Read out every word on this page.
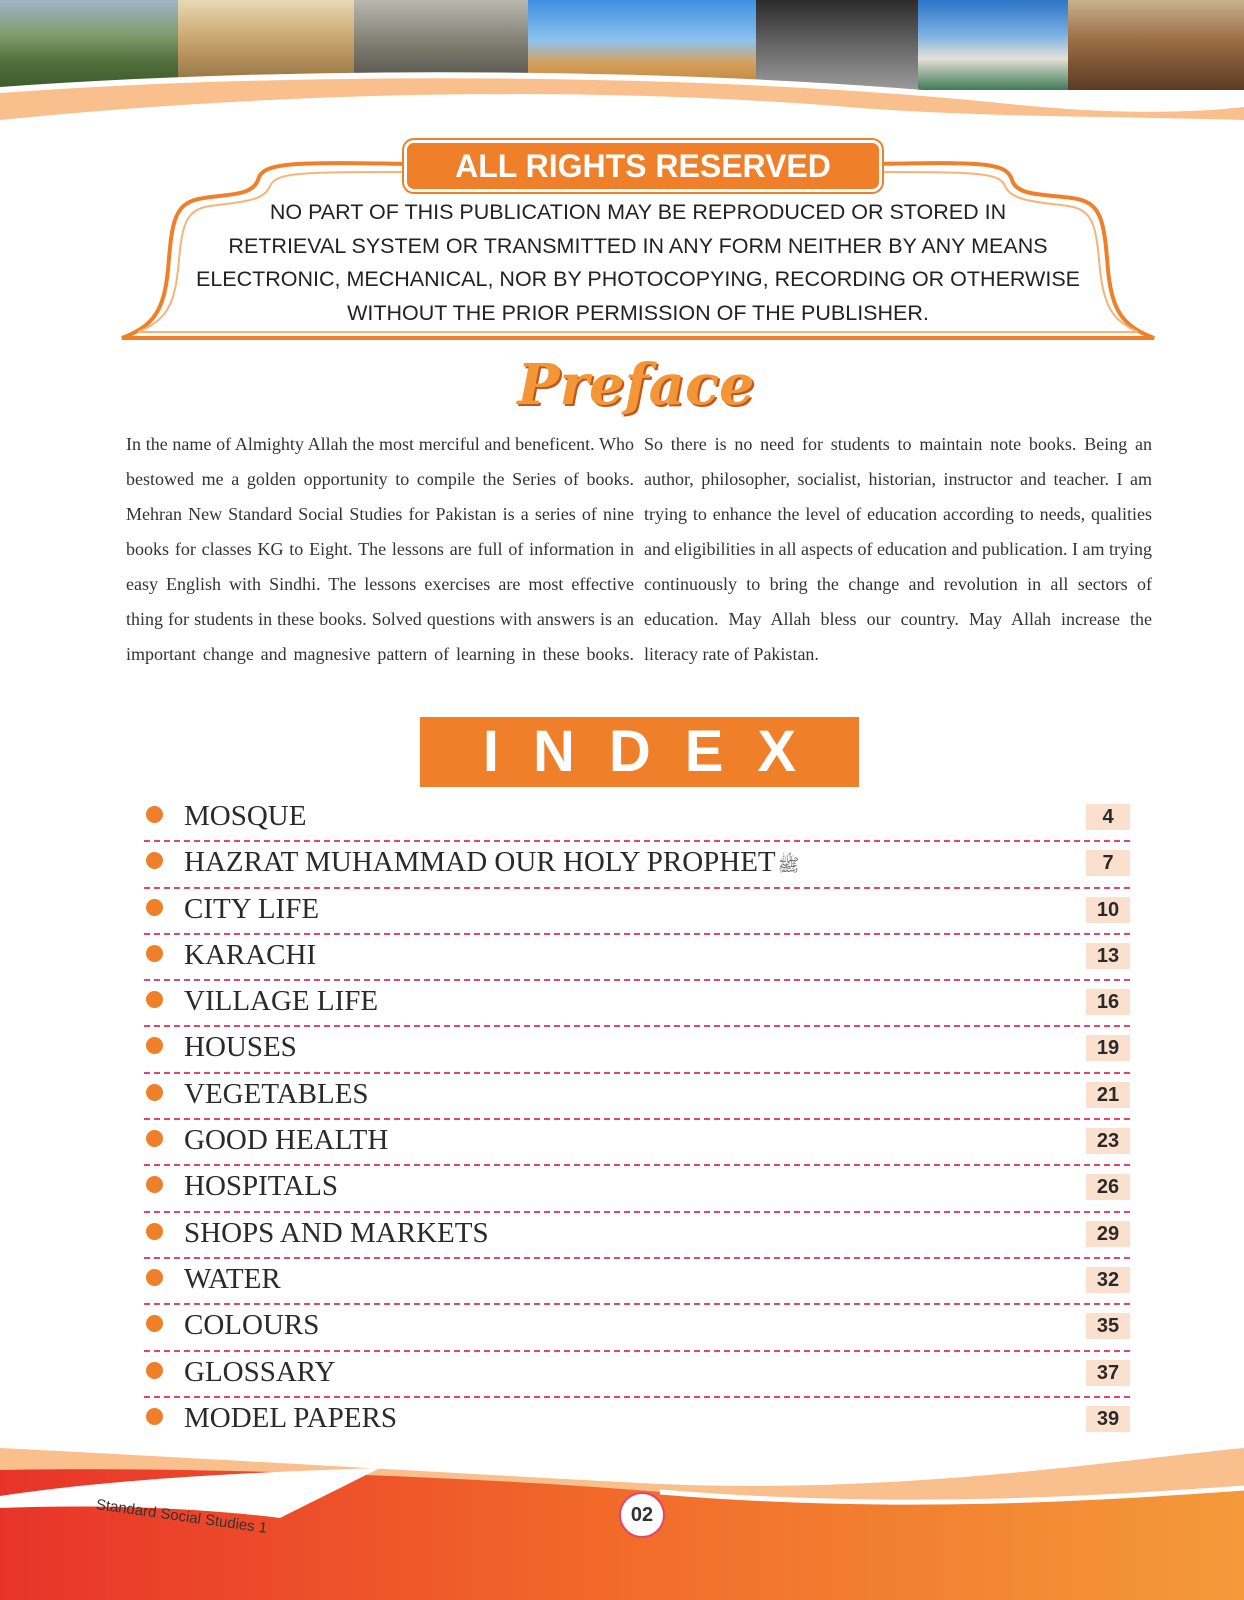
ALL RIGHTS RESERVED
NO PART OF THIS PUBLICATION MAY BE REPRODUCED OR STORED IN
RETRIEVAL SYSTEM OR TRANSMITTED IN ANY FORM NEITHER BY ANY MEANS
ELECTRONIC, MECHANICAL, NOR BY PHOTOCOPYING, RECORDING OR OTHERWISE
WITHOUT THE PRIOR PERMISSION OF THE PUBLISHER.
Preface
In the name of Almighty Allah the most merciful and beneficent. Who bestowed me a golden opportunity to compile the Series of books. Mehran New Standard Social Studies for Pakistan is a series of nine books for classes KG to Eight. The lessons are full of information in easy English with Sindhi. The lessons exercises are most effective thing for students in these books. Solved questions with answers is an important change and magnesive pattern of learning in these books. So there is no need for students to maintain note books. Being an author, philosopher, socialist, historian, instructor and teacher. I am trying to enhance the level of education according to needs, qualities and eligibilities in all aspects of education and publication. I am trying continuously to bring the change and revolution in all sectors of education. May Allah bless our country. May Allah increase the literacy rate of Pakistan.
INDEX
MOSQUE	4
HAZRAT MUHAMMAD OUR HOLY PROPHET ﷺ	7
CITY LIFE	10
KARACHI	13
VILLAGE LIFE	16
HOUSES	19
VEGETABLES	21
GOOD HEALTH	23
HOSPITALS	26
SHOPS AND MARKETS	29
WATER	32
COLOURS	35
GLOSSARY	37
MODEL PAPERS	39
Standard Social Studies 1	02
